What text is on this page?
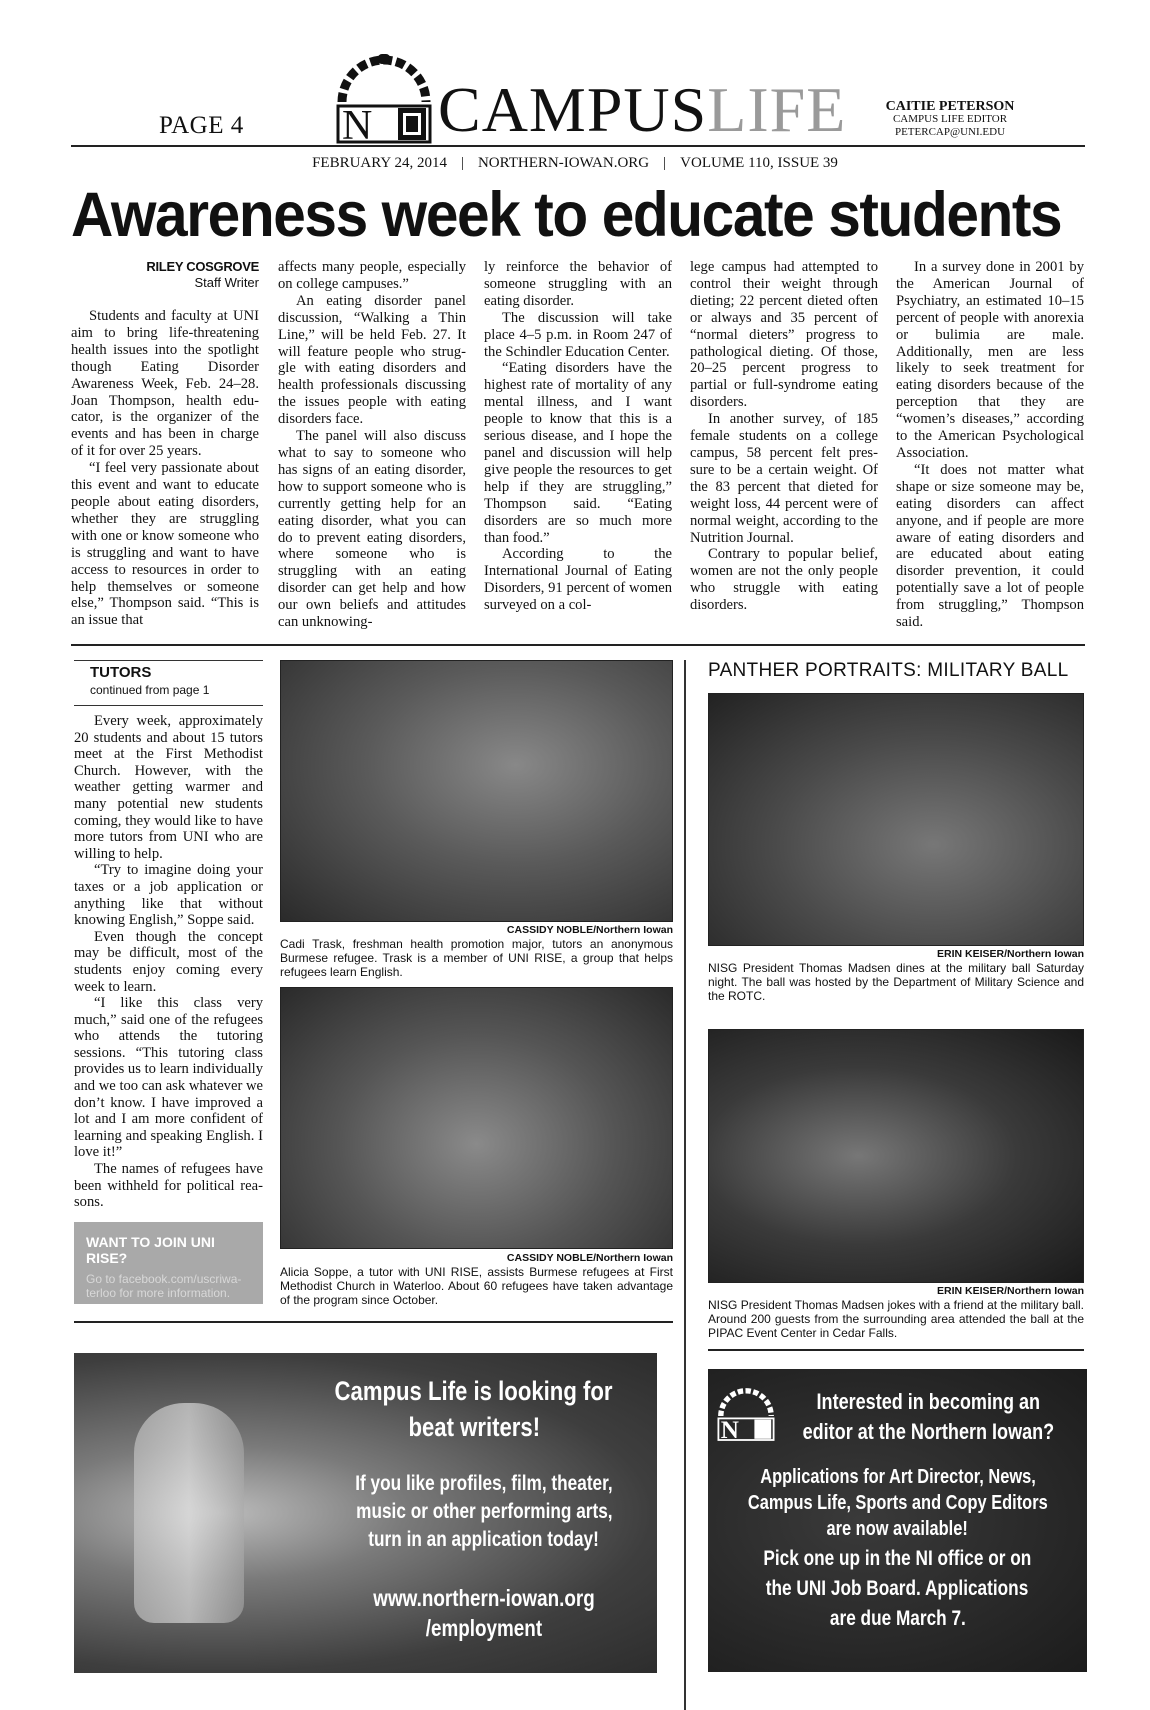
PAGE 4 N CAMPUSLIFE	CAITIE PETERSON
CAMPUS LIFE EDITOR
PETERCAP@UNI.EDU
FEBRUARY 24, 2014 | NORTHERN-IOWAN.ORG | VOLUME 110, ISSUE 39
Awareness week to educate students
RILEY COSGROVE
Staff Writer

Students and faculty at UNI aim to bring life-threatening health issues into the spotlight though Eating Disorder Awareness Week, Feb. 24–28. Joan Thompson, health educator, is the organizer of the events and has been in charge of it for over 25 years.

“I feel very passionate about this event and want to educate people about eating disorders, whether they are struggling with one or know someone who is struggling and want to have access to resources in order to help themselves or someone else,” Thompson said. “This is an issue that

affects many people, especially on college campuses.”

An eating disorder panel discussion, “Walking a Thin Line,” will be held Feb. 27. It will feature people who struggle with eating disorders and health professionals discussing the issues people with eating disorders face.

The panel will also discuss what to say to someone who has signs of an eating disorder, how to support someone who is currently getting help for an eating disorder, what you can do to prevent eating disorders, where someone who is struggling with an eating disorder can get help and how our own beliefs and attitudes can unknowing-

ly reinforce the behavior of someone struggling with an eating disorder.

The discussion will take place 4–5 p.m. in Room 247 of the Schindler Education Center.

“Eating disorders have the highest rate of mortality of any mental illness, and I want people to know that this is a serious disease, and I hope the panel and discussion will help give people the resources to get help if they are struggling,” Thompson said. “Eating disorders are so much more than food.”

According to the International Journal of Eating Disorders, 91 percent of women surveyed on a col-

lege campus had attempted to control their weight through dieting; 22 percent dieted often or always and 35 percent of “normal dieters” progress to pathological dieting. Of those, 20–25 percent progress to partial or full-syndrome eating disorders.

In another survey, of 185 female students on a college campus, 58 percent felt pressure to be a certain weight. Of the 83 percent that dieted for weight loss, 44 percent were of normal weight, according to the Nutrition Journal.

Contrary to popular belief, women are not the only people who struggle with eating disorders.

In a survey done in 2001 by the American Journal of Psychiatry, an estimated 10–15 percent of people with anorexia or bulimia are male. Additionally, men are less likely to seek treatment for eating disorders because of the perception that they are “women’s diseases,” according to the American Psychological Association.

“It does not matter what shape or size someone may be, eating disorders can affect anyone, and if people are more aware of eating disorders and are educated about eating disorder prevention, it could potentially save a lot of people from struggling,” Thompson said.

TUTORS
continued from page 1

Every week, approximately 20 students and about 15 tutors meet at the First Methodist Church. However, with the weather getting warmer and many potential new students coming, they would like to have more tutors from UNI who are willing to help.

“Try to imagine doing your taxes or a job application or anything like that without knowing English,” Soppe said.

Even though the concept may be difficult, most of the students enjoy coming every week to learn.

“I like this class very much,” said one of the refugees who attends the tutoring sessions. “This tutoring class provides us to learn individually and we too can ask whatever we don’t know. I have improved a lot and I am more confident of learning and speaking English. I love it!”

The names of refugees have been withheld for political reasons.

WANT TO JOIN UNI RISE?
Go to facebook.com/uscriwaterloo for more information.
CASSIDY NOBLE/Northern Iowan
Cadi Trask, freshman health promotion major, tutors an anonymous Burmese refugee. Trask is a member of UNI RISE, a group that helps refugees learn English.
CASSIDY NOBLE/Northern Iowan
Alicia Soppe, a tutor with UNI RISE, assists Burmese refugees at First Methodist Church in Waterloo. About 60 refugees have taken advantage of the program since October.
PANTHER PORTRAITS: MILITARY BALL
ERIN KEISER/Northern Iowan
NISG President Thomas Madsen dines at the military ball Saturday night. The ball was hosted by the Department of Military Science and the ROTC.
ERIN KEISER/Northern Iowan
NISG President Thomas Madsen jokes with a friend at the military ball. Around 200 guests from the surrounding area attended the ball at the PIPAC Event Center in Cedar Falls.
Campus Life is looking for
beat writers!
If you like profiles, film, theater,
music or other performing arts,
turn in an application today!
www.northern-iowan.org
/employment
N
Interested in becoming an
editor at the Northern Iowan?
Applications for Art Director, News,
Campus Life, Sports and Copy Editors
are now available!
Pick one up in the NI office or on
the UNI Job Board. Applications
are due March 7.
